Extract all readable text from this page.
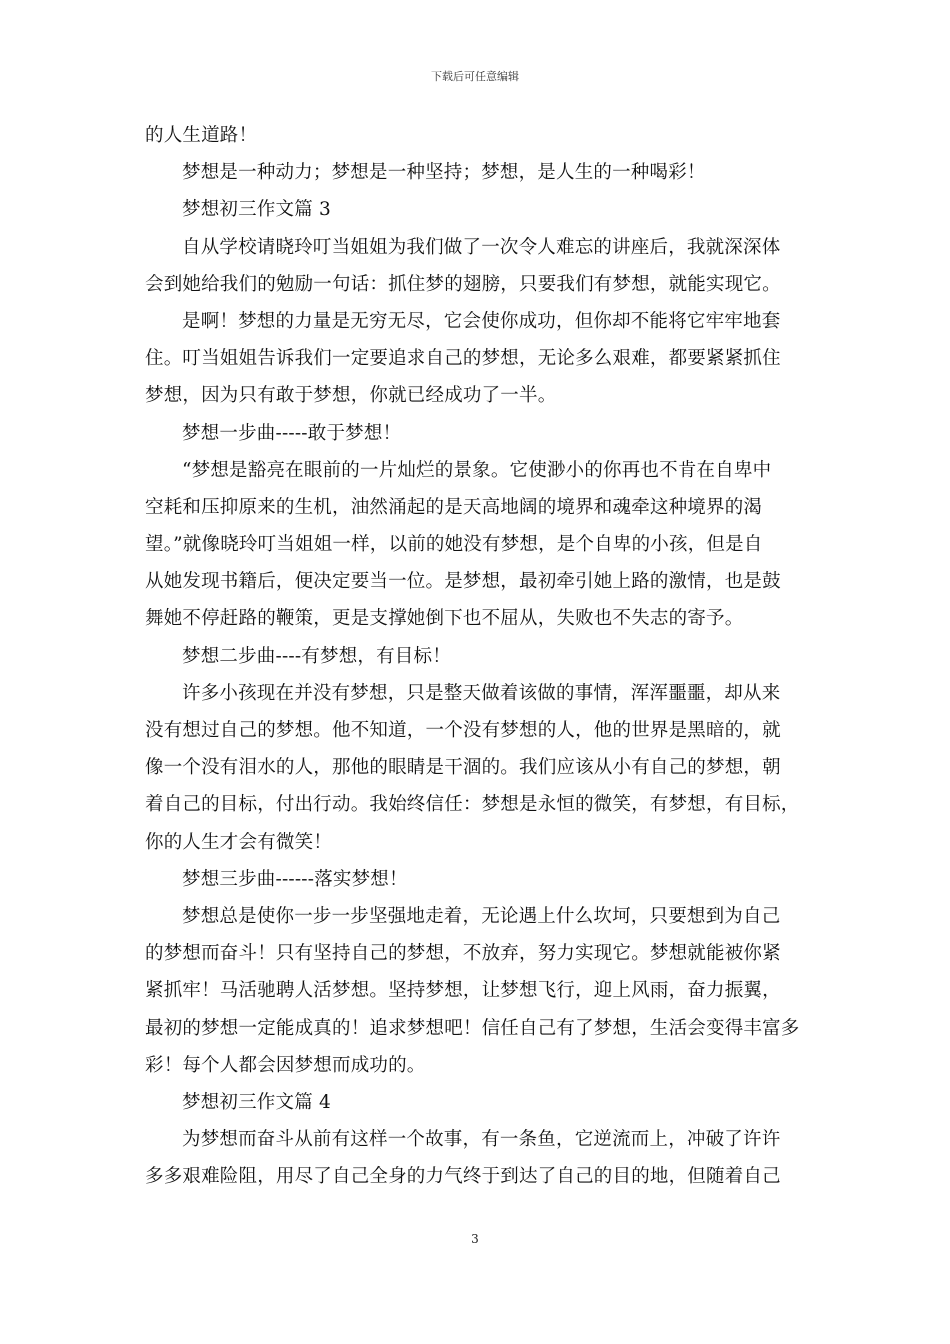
下载后可任意编辑
的人生道路！
梦想是一种动力；梦想是一种坚持；梦想，是人生的一种喝彩！
梦想初三作文篇 3
自从学校请晓玲叮当姐姐为我们做了一次令人难忘的讲座后，我就深深体
会到她给我们的勉励一句话：抓住梦的翅膀，只要我们有梦想，就能实现它。
是啊！梦想的力量是无穷无尽，它会使你成功，但你却不能将它牢牢地套
住。叮当姐姐告诉我们一定要追求自己的梦想，无论多么艰难，都要紧紧抓住
梦想，因为只有敢于梦想，你就已经成功了一半。
梦想一步曲-----敢于梦想！
“梦想是豁亮在眼前的一片灿烂的景象。它使渺小的你再也不肯在自卑中
空耗和压抑原来的生机，油然涌起的是天高地阔的境界和魂牵这种境界的渴
望。”就像晓玲叮当姐姐一样，以前的她没有梦想，是个自卑的小孩，但是自
从她发现书籍后，便决定要当一位。是梦想，最初牵引她上路的激情，也是鼓
舞她不停赶路的鞭策，更是支撑她倒下也不屈从，失败也不失志的寄予。
梦想二步曲----有梦想，有目标！
许多小孩现在并没有梦想，只是整天做着该做的事情，浑浑噩噩，却从来
没有想过自己的梦想。他不知道，一个没有梦想的人，他的世界是黑暗的，就
像一个没有泪水的人，那他的眼睛是干涸的。我们应该从小有自己的梦想，朝
着自己的目标，付出行动。我始终信任：梦想是永恒的微笑，有梦想，有目标，
你的人生才会有微笑！
梦想三步曲------落实梦想！
梦想总是使你一步一步坚强地走着，无论遇上什么坎坷，只要想到为自己
的梦想而奋斗！只有坚持自己的梦想，不放弃，努力实现它。梦想就能被你紧
紧抓牢！马活驰聘人活梦想。坚持梦想，让梦想飞行，迎上风雨，奋力振翼，
最初的梦想一定能成真的！追求梦想吧！信任自己有了梦想，生活会变得丰富多
彩！每个人都会因梦想而成功的。
梦想初三作文篇 4
为梦想而奋斗从前有这样一个故事，有一条鱼，它逆流而上，冲破了许许
多多艰难险阻，用尽了自己全身的力气终于到达了自己的目的地，但随着自己
3
